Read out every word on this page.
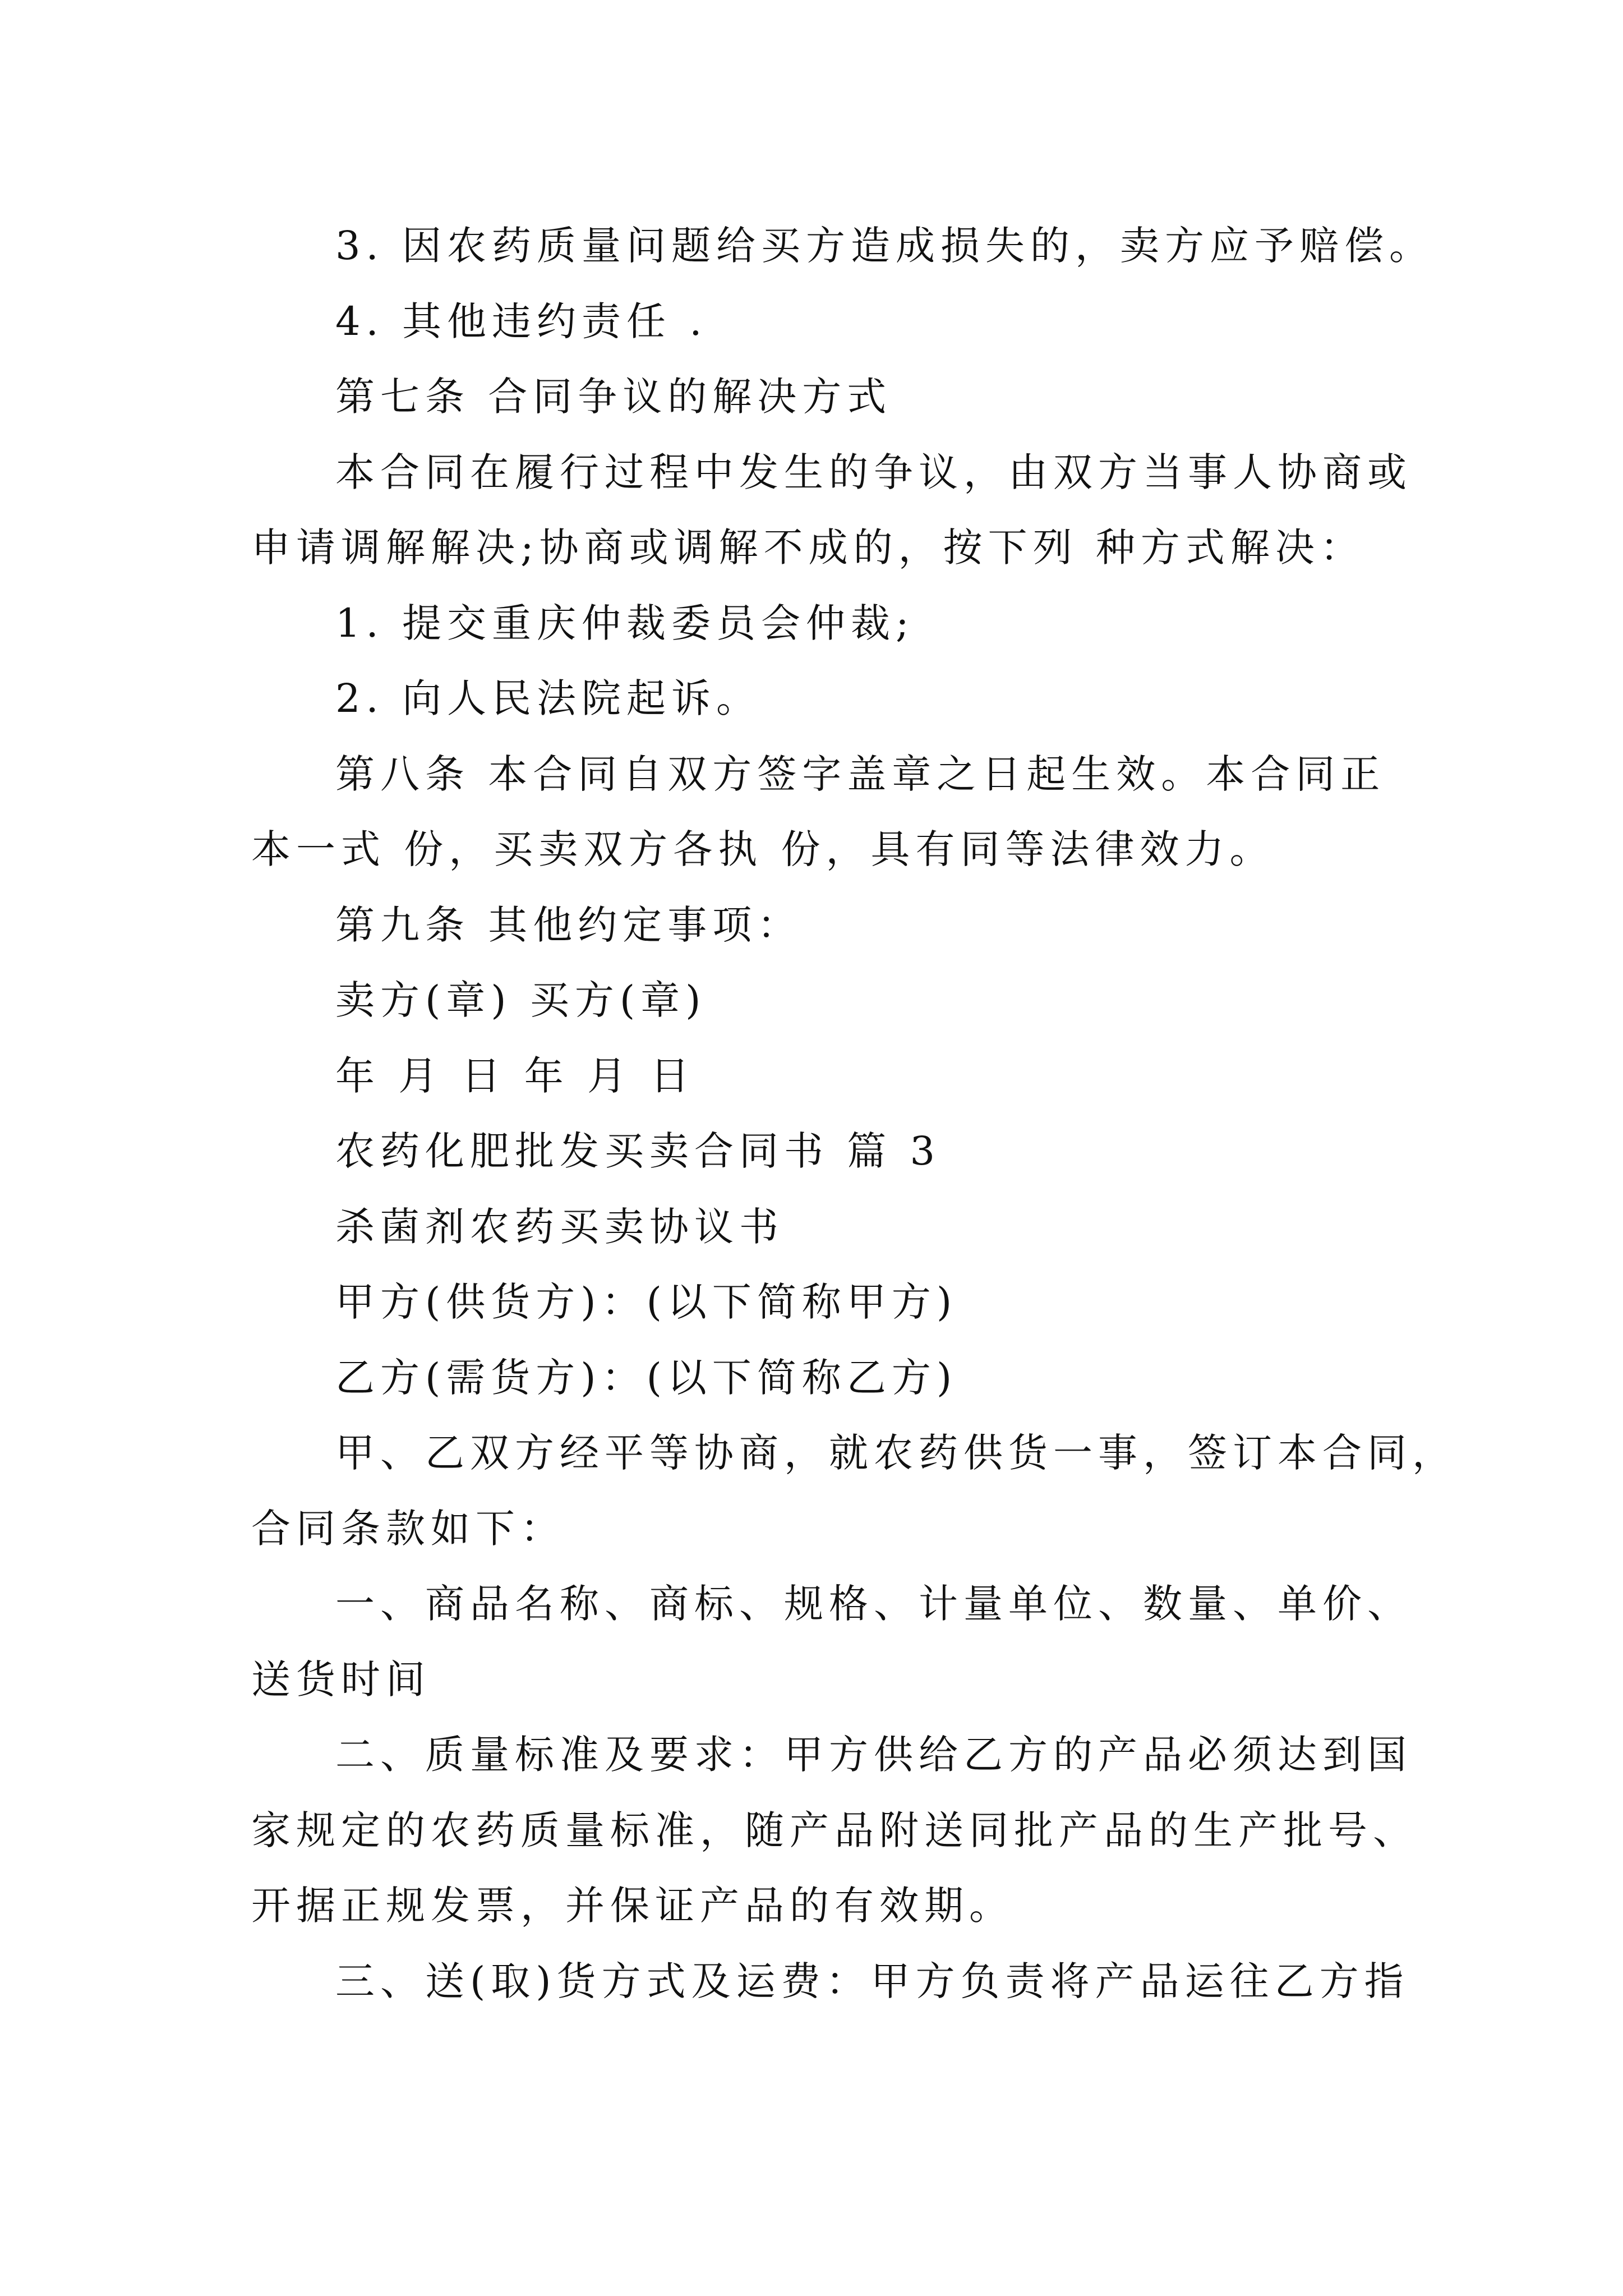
3. 因农药质量问题给买方造成损失的，卖方应予赔偿。
4. 其他违约责任 .
第七条 合同争议的解决方式
本合同在履行过程中发生的争议，由双方当事人协商或
申请调解解决;协商或调解不成的，按下列 种方式解决：
1. 提交重庆仲裁委员会仲裁;
2. 向人民法院起诉。
第八条 本合同自双方签字盖章之日起生效。本合同正
本一式 份，买卖双方各执 份，具有同等法律效力。
第九条 其他约定事项：
卖方(章) 买方(章)
年 月 日 年 月 日
农药化肥批发买卖合同书 篇 3
杀菌剂农药买卖协议书
甲方(供货方)：(以下简称甲方)
乙方(需货方)：(以下简称乙方)
甲、乙双方经平等协商，就农药供货一事，签订本合同，
合同条款如下：
一、商品名称、商标、规格、计量单位、数量、单价、
送货时间
二、质量标准及要求：甲方供给乙方的产品必须达到国
家规定的农药质量标准，随产品附送同批产品的生产批号、
开据正规发票，并保证产品的有效期。
三、送(取)货方式及运费：甲方负责将产品运往乙方指
